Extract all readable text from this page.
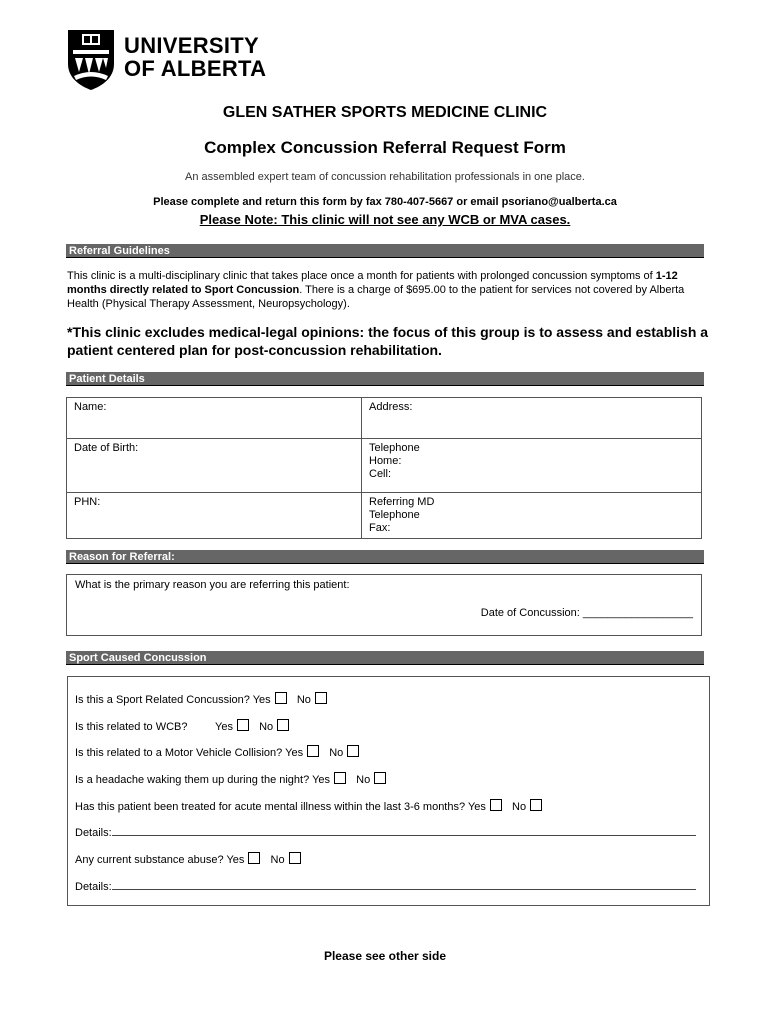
UNIVERSITY
OF ALBERTA
GLEN SATHER SPORTS MEDICINE CLINIC
Complex Concussion Referral Request Form
An assembled expert team of concussion rehabilitation professionals in one place.
Please complete and return this form by fax 780-407-5667 or email psoriano@ualberta.ca
Please Note: This clinic will not see any WCB or MVA cases.
Referral Guidelines
This clinic is a multi-disciplinary clinic that takes place once a month for patients with prolonged concussion symptoms of 1-12 months directly related to Sport Concussion. There is a charge of $695.00 to the patient for services not covered by Alberta Health (Physical Therapy Assessment, Neuropsychology).
*This clinic excludes medical-legal opinions: the focus of this group is to assess and establish a patient centered plan for post-concussion rehabilitation.
Patient Details
Name:	Address:
Date of Birth:	Telephone
Home:
Cell:

PHN:	Referring MD
Telephone
Fax:
Reason for Referral:
What is the primary reason you are referring this patient:
Date of Concussion: __________________
Sport Caused Concussion
Is this a Sport Related Concussion? Yes No
Is this related to WCB?	Yes No
Is this related to a Motor Vehicle Collision? Yes No
Is a headache waking them up during the night? Yes No
Has this patient been treated for acute mental illness within the last 3-6 months? Yes No
Details:
Any current substance abuse? Yes No
Details:
Please see other side
